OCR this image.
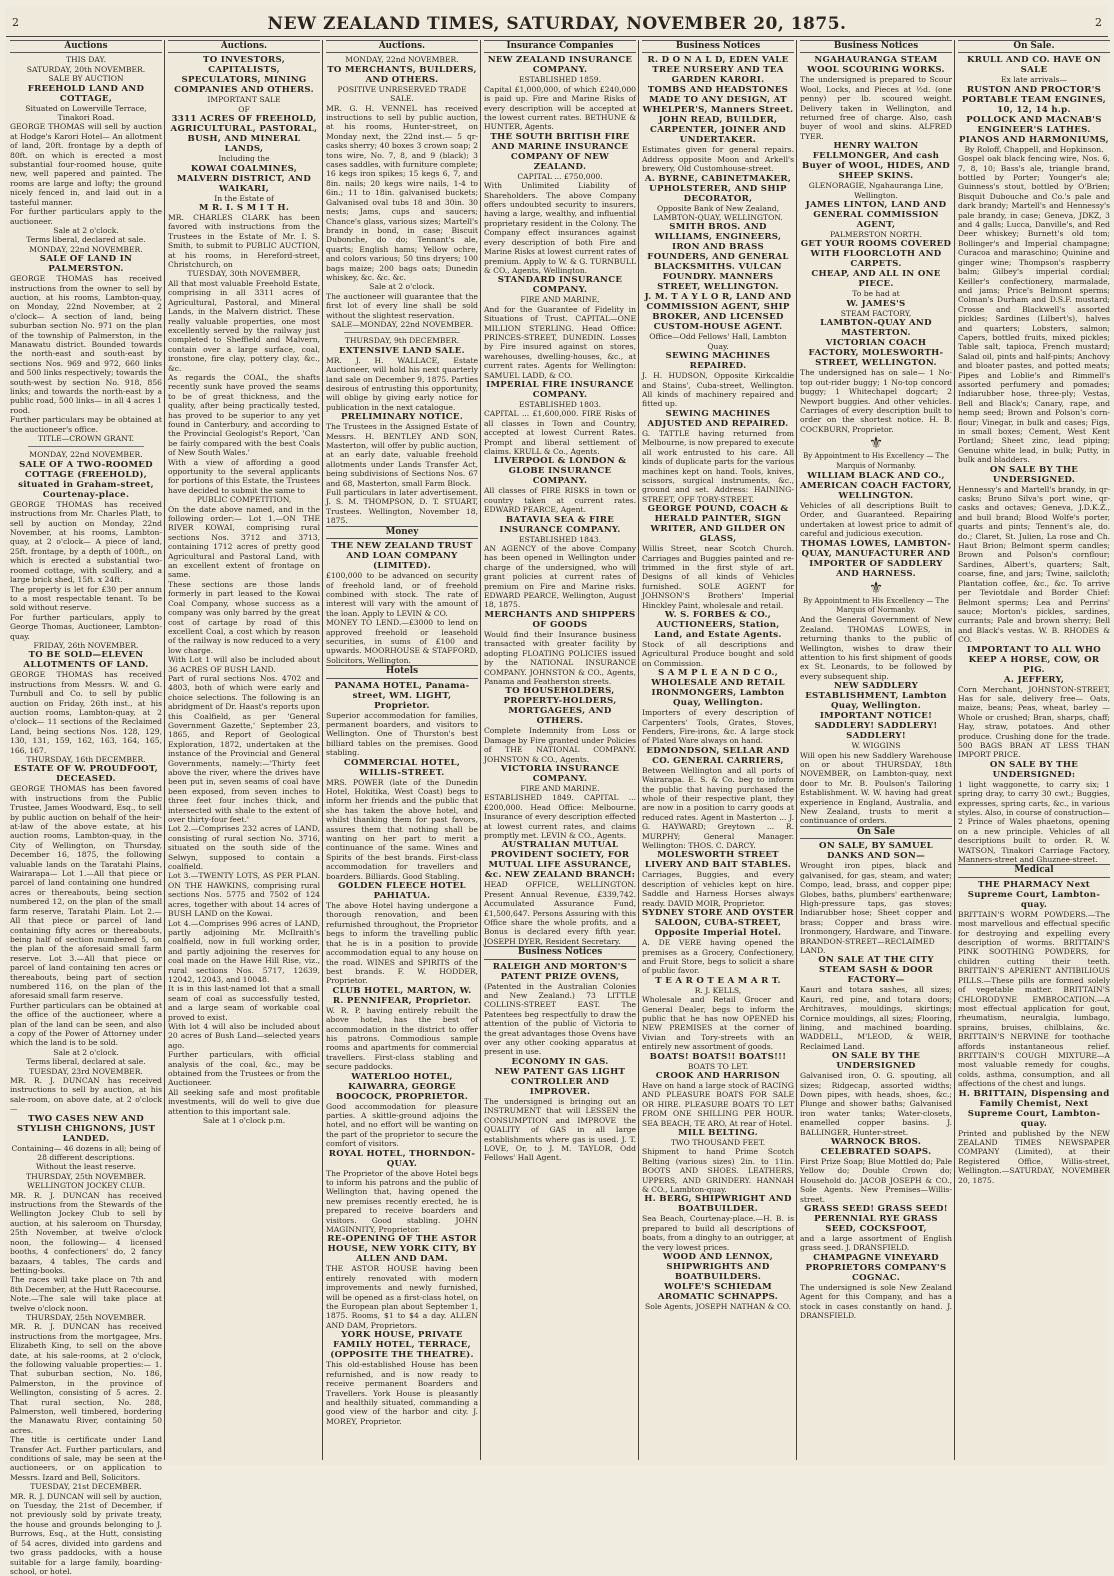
2	NEW ZEALAND TIMES, SATURDAY, NOVEMBER 20, 1875.	2
Auctions
THIS DAY.
SATURDAY, 20th NOVEMBER.
SALE BY AUCTION
FREEHOLD LAND AND COTTAGE,
Situated on Lowerville Terrace, Tinakori Road.
GEORGE THOMAS will sell by auction at Hodge's Karori Hotel— An allotment of land, 20ft. frontage by a depth of 80ft. on which is erected a most substantial four-roomed house, quite new, well papered and painted. The rooms are large and lofty; the ground nicely fenced in, and laid out in a tasteful manner.
For further particulars apply to the auctioneer.
Sale at 2 o'clock.
Terms liberal, declared at sale.
MONDAY, 22nd NOVEMBER.
SALE OF LAND IN PALMERSTON.
GEORGE THOMAS has received instructions from the owner to sell by auction, at his rooms, Lambton-quay, on Monday, 22nd November, at 2 o'clock— A section of land, being suburban section No. 971 on the plan of the township of Palmerston, in the Manawatu district. Bounded towards the north-east and south-east by sections Nos. 969 and 972, 660 links and 500 links respectively; towards the south-west by section No. 918, 856 links; and towards the north-east by a public road, 500 links— in all 4 acres 1 rood.
Further particulars may be obtained at the auctioneer's office.
TITLE—CROWN GRANT.
MONDAY, 22nd NOVEMBER.
SALE OF A TWO-ROOMED COTTAGE (FREEHOLD), situated in Graham-street, Courtenay-place.
GEORGE THOMAS has received instructions from Mr. Charles Platt, to sell by auction on Monday, 22nd November, at his rooms, Lambton-quay, at 2 o'clock— A piece of land, 25ft. frontage, by a depth of 100ft., on which is erected a substantial two-roomed cottage, with scullery, and a large brick shed, 15ft. x 24ft.
The property is let for £30 per annum to a most respectable tenant. To be sold without reserve.
For further particulars, apply to George Thomas, Auctioneer, Lambton-quay.
FRIDAY, 26th NOVEMBER.
TO BE SOLD—ELEVEN ALLOTMENTS OF LAND.
GEORGE THOMAS has received instructions from Messrs. W. and G. Turnbull and Co. to sell by public auction on Friday, 26th inst., at his auction rooms, Lambton-quay, at 2 o'clock— 11 sections of the Reclaimed Land, being sections Nos. 128, 129, 130, 131, 159, 162, 163, 164, 165, 166, 167.
THURSDAY, 16th DECEMBER.
ESTATE OF W. PROUDFOOT, DECEASED.
GEORGE THOMAS has been favored with instructions from the Public Trustee, James Woodward, Esq., to sell by public auction on behalf of the heir-at-law of the above estate, at his auction rooms, Lambton-quay, in the City of Wellington, on Thursday, December 16, 1875, the following valuable lands on the Taratahi Plains, Wairarapa— Lot 1.—All that piece or parcel of land containing one hundred acres or thereabouts, being section numbered 12, on the plan of the small farm reserve, Taratahi Plain. Lot 2.—All that piece or parcel of land containing fifty acres or thereabouts, being half of section numbered 5, on the plan of the aforesaid small farm reserve. Lot 3.—All that piece or parcel of land containing ten acres or thereabouts, being part of section numbered 116, on the plan of the aforesaid small farm reserve.
Further particulars can be obtained at the office of the auctioneer, where a plan of the land can be seen, and also a copy of the Power of Attorney under which the land is to be sold.
Sale at 2 o'clock.
Terms liberal, declared at sale.
TUESDAY, 23rd NOVEMBER.
MR. R. J. DUNCAN has received instructions to sell by auction, at his sale-room, on above date, at 2 o'clock—
TWO CASES NEW AND STYLISH CHIGNONS, JUST LANDED.
Containing— 46 dozens in all; being of 28 different descriptions.
Without the least reserve.
THURSDAY, 25th NOVEMBER.
WELLINGTON JOCKEY CLUB.
MR. R. J. DUNCAN has received instructions from the Stewards of the Wellington Jockey Club to sell by auction, at his saleroom on Thursday, 25th November, at twelve o'clock noon, the following— 4 licensed booths, 4 confectioners' do, 2 fancy bazaars, 4 tables, The cards and betting-books.
The races will take place on 7th and 8th December, at the Hutt Racecourse.
Note.—The sale will take place at twelve o'clock noon.
THURSDAY, 25th NOVEMBER.
MR. R. J. DUNCAN has received instructions from the mortgagee, Mrs. Elizabeth King, to sell on the above date, at his sale-rooms, at 2 o'clock, the following valuable properties:— 1. That suburban section, No. 186, Palmerston, in the province of Wellington, consisting of 5 acres. 2. That rural section, No. 288, Palmerston, well timbered, bordering the Manawatu River, containing 50 acres.
The title is certificate under Land Transfer Act. Further particulars, and conditions of sale, may be seen at the auctioneers, or on application to Messrs. Izard and Bell, Solicitors.
TUESDAY, 21st DECEMBER.
MR. R. J. DUNCAN will sell by auction, on Tuesday, the 21st of December, if not previously sold by private treaty, the house and grounds belonging to J. Burrows, Esq., at the Hutt, consisting of 54 acres, divided into gardens and two grass paddocks, with a house suitable for a large family, boarding-school, or hotel.
Auctions.
TO INVESTORS, CAPITALISTS, SPECULATORS, MINING COMPANIES AND OTHERS.
IMPORTANT SALE
OF
3311 ACRES OF FREEHOLD, AGRICULTURAL, PASTORAL, BUSH, AND MINERAL LANDS,
Including the
KOWAI COALMINES, MALVERN DISTRICT, AND WAIKARI,
In the Estate of
M R. I. S M I T H.
MR. CHARLES CLARK has been favored with instructions from the Trustees in the Estate of Mr. I. S. Smith, to submit to PUBLIC AUCTION, at his rooms, in Hereford-street, Christchurch, on
TUESDAY, 30th NOVEMBER,
All that most valuable Freehold Estate, comprising in all 3311 acres of Agricultural, Pastoral, and Mineral Lands, in the Malvern district. These really valuable properties, one most excellently served by the railway just completed to Sheffield and Malvern, contain over a large surface, coal, ironstone, fire clay, pottery clay, &c., &c.
As regards the COAL, the shafts recently sunk have proved the seams to be of great thickness, and the quality, after being practically tested, has proved to be superior to any yet found in Canterbury, and according to the Provincial Geologist's Report, 'Can be fairly compared with the best Coals of New South Wales.'
With a view of affording a good opportunity to the several applicants for portions of this Estate, the Trustees have decided to submit the same to
PUBLIC COMPETITION,
On the date above named, and in the following order:— Lot 1.—ON THE RIVER KOWAI, comprising rural sections Nos. 3712 and 3713, containing 1712 acres of pretty good Agricultural and Pastoral Land, with an excellent extent of frontage on same.
These sections are those lands formerly in part leased to the Kowai Coal Company, whose success as a company was only barred by the great cost of cartage by road of this excellent Coal, a cost which by reason of the railway is now reduced to a very low charge.
With Lot 1 will also be included about 36 ACRES OF BUSH LAND.
Part of rural sections Nos. 4702 and 4803, both of which were early and choice selections. The following is an abridgment of Dr. Haast's reports upon this Coalfield, as per 'General Government Gazette,' September 23, 1865, and Report of Geological Exploration, 1872, undertaken at the instance of the Provincial and General Governments, namely:—'Thirty feet above the river, where the drives have been put in, seven seams of coal have been exposed, from seven inches to three feet four inches thick, and intersected with shale to the extent of over thirty-four feet.'
Lot 2.—Comprises 232 acres of LAND, consisting of rural section No. 3716, situated on the south side of the Selwyn, supposed to contain a coalfield.
Lot 3.—TWENTY LOTS, AS PER PLAN. ON THE HAWKINS, comprising rural sections Nos. 5775 and 7502 of 124 acres, together with about 14 acres of BUSH LAND on the Kowai.
Lot 4.—Comprises 996 acres of LAND, partly adjoining Mr. McIlraith's coalfield, now in full working order, and partly adjoining the reserves for coal made on the Hawe Hill Rise, viz., rural sections Nos. 5717, 12639, 12042, 12043, and 10048.
It is in this last-named lot that a small seam of coal as successfully tested, and a large seam of workable coal proved to exist.
With lot 4 will also be included about 20 acres of Bush Land—selected years ago.
Further particulars, with official analysis of the coal, &c., may be obtained from the Trustees or from the Auctioneer.
All seeking safe and most profitable investments, will do well to give due attention to this important sale.
Sale at 1 o'clock p.m.
Auctions.
MONDAY, 22nd NOVEMBER.
TO MERCHANTS, BUILDERS, AND OTHERS.
POSITIVE UNRESERVED TRADE SALE.
MR. G. H. VENNEL has received instructions to sell by public auction, at his rooms, Hunter-street, on Monday next, the 22nd inst.— 5 qr-casks sherry; 40 boxes 3 crown soap; 2 tons wire, No. 7, 8, and 9 (black); 3 cases saddles, with furniture complete; 16 kegs iron spikes; 15 kegs 6, 7, and 8in. nails; 20 kegs wire nails, 1-4 to 6in.; 11 to 18in. galvanised buckets; Galvanised oval tubs 18 and 30in. 30 nests; Jams, cups and saucers; Chance's glass, various sizes; Martell's brandy in bond, in case; Biscuit Dubonche, do do; Tennant's ale, quarts; English hams; Yellow ochre, and colors various; 50 tins dryers; 100 bags maize; 200 bags oats; Dunedin whiskey, &c. &c. &c.
Sale at 2 o'clock.
The auctioneer will guarantee that the first lot of every line shall be sold without the slightest reservation.
SALE—MONDAY, 22nd NOVEMBER.
THURSDAY, 9th DECEMBER.
EXTENSIVE LAND SALE.
MR. J. H. WALLACE, Estate Auctioneer, will hold his next quarterly land sale on December 9, 1875. Parties desirous of entrusting this opportunity, will oblige by giving early notice for publication in the next catalogue.
PRELIMINARY NOTICE.
The Trustees in the Assigned Estate of Messrs. H. BENTLEY AND SON, Masterton, will offer by public auction, at an early date, valuable freehold allotments under Lands Transfer Act, being subdivisions of Sections Nos. 67 and 68, Masterton, small Farm Block.
Full particulars in later advertisement. J. S. M. THOMPSON, D. T. STUART, Trustees. Wellington, November 18, 1875.
Money
THE NEW ZEALAND TRUST AND LOAN COMPANY (LIMITED).
£100,000 to be advanced on security of freehold land, or of freehold combined with stock. The rate of interest will vary with the amount of the loan. Apply to LEVIN & CO.
MONEY TO LEND.—£3000 to lend on approved freehold or leasehold securities, in sums of £100 and upwards. MOORHOUSE & STAFFORD, Solicitors, Wellington.
Hotels
PANAMA HOTEL, Panama-street, WM. LIGHT, Proprietor.
Superior accommodation for families, permanent boarders, and visitors to Wellington. One of Thurston's best billiard tables on the premises. Good stabling.
COMMERCIAL HOTEL, WILLIS-STREET.
MRS. POWER (late of the Dunedin Hotel, Hokitika, West Coast) begs to inform her friends and the public that she has taken the above hotel, and whilst thanking them for past favors, assures them that nothing shall be wanting on her part to merit a continuance of the same. Wines and Spirits of the best brands. First-class accommodation for travellers and boarders. Billiards. Good Stabling.
GOLDEN FLEECE HOTEL PAHIATUA.
The above Hotel having undergone a thorough renovation, and been refurnished throughout, the Proprietor begs to inform the travelling public that he is in a position to provide accommodation equal to any house on the road. WINES and SPIRITS of the best brands. F. W. HODDER, Proprietor.
CLUB HOTEL, MARTON, W. R. PENNIFEAR, Proprietor.
W. R. P. having entirely rebuilt the above hotel, has the best of accommodation in the district to offer his patrons. Commodious sample rooms and apartments for commercial travellers. First-class stabling and secure paddocks.
WATERLOO HOTEL, KAIWARRA, GEORGE BOOCOCK, PROPRIETOR.
Good accommodation for pleasure parties. A skittle-ground adjoins the hotel, and no effort will be wanting on the part of the proprietor to secure the comfort of visitors.
ROYAL HOTEL, THORNDON-QUAY.
The Proprietor of the above Hotel begs to inform his patrons and the public of Wellington that, having opened the new premises recently erected, he is prepared to receive boarders and visitors. Good stabling. JOHN MAGINNITY, Proprietor.
RE-OPENING OF THE ASTOR HOUSE, NEW YORK CITY, BY ALLEN AND DAM.
THE ASTOR HOUSE having been entirely renovated with modern improvements and newly furnished, will be opened as a first-class hotel, on the European plan about September 1, 1875. Rooms, $1 to $4 a day. ALLEN AND DAM, Proprietors.
YORK HOUSE, PRIVATE FAMILY HOTEL, TERRACE, (OPPOSITE THE THEATRE).
This old-established House has been refurnished, and is now ready to receive permanent Boarders and Travellers. York House is pleasantly and healthily situated, commanding a good view of the harbor and city. J. MOREY, Proprietor.
Insurance Companies
NEW ZEALAND INSURANCE COMPANY.
ESTABLISHED 1859.
Capital £1,000,000, of which £240,000 is paid up. Fire and Marine Risks of every description will be accepted at the lowest current rates. BETHUNE & HUNTER, Agents.
THE SOUTH BRITISH FIRE AND MARINE INSURANCE COMPANY OF NEW ZEALAND.
CAPITAL ... £750,000.
With Unlimited Liability of Shareholders. The above Company offers undoubted security to insurers, having a large, wealthy, and influential proprietary resident in the Colony. The Company effect insurances against every description of both Fire and Marine Risks at lowest current rates of premium. Apply to W. & G. TURNBULL & CO., Agents, Wellington.
STANDARD INSURANCE COMPANY.
FIRE AND MARINE,
And for the Guarantee of Fidelity in Situations of Trust. CAPITAL—ONE MILLION STERLING. Head Office: PRINCES-STREET, DUNEDIN. Losses by Fire insured against on stores, warehouses, dwelling-houses, &c., at current rates. Agents for Wellington: SAMUEL LADD, & CO.
IMPERIAL FIRE INSURANCE COMPANY.
ESTABLISHED 1803.
CAPITAL ... £1,600,000. FIRE Risks of all classes in Town and Country, accepted at lowest Current Rates. Prompt and liberal settlement of claims. KRULL & Co., Agents.
LIVERPOOL & LONDON & GLOBE INSURANCE COMPANY.
All classes of FIRE RISKS in town or country taken at current rates. EDWARD PEARCE, Agent.
BATAVIA SEA & FIRE INSURANCE COMPANY.
ESTABLISHED 1843.
AN AGENCY of the above Company has been opened in Wellington under charge of the undersigned, who will grant policies at current rates of premium on Fire and Marine risks. EDWARD PEARCE, Wellington, August 18, 1875.
MERCHANTS AND SHIPPERS OF GOODS
Would find their Insurance business transacted with greater facility by adopting FLOATING POLICIES issued by the NATIONAL INSURANCE COMPANY. JOHNSTON & CO., Agents, Panama and Featherston streets.
TO HOUSEHOLDERS, PROPERTY-HOLDERS, MORTGAGEES, AND OTHERS.
Complete Indemnity from Loss or Damage by Fire granted under Policies of THE NATIONAL COMPANY. JOHNSTON & CO., Agents.
VICTORIA INSURANCE COMPANY.
FIRE AND MARINE.
ESTABLISHED 1849. CAPITAL ... £200,000. Head Office: Melbourne. Insurance of every description effected at lowest current rates, and claims promptly met. LEVIN & CO., Agents.
AUSTRALIAN MUTUAL PROVIDENT SOCIETY, FOR MUTUAL LIFE ASSURANCE, &c. NEW ZEALAND BRANCH:
HEAD OFFICE, WELLINGTON. Present Annual Revenue, £339,742. Accumulated Assurance Fund, £1,500,647. Persons Assuring with this Office share the whole profits, and a Bonus is declared every fifth year. JOSEPH DYER, Resident Secretary.
Business Notices
RALEIGH AND MORTON'S PATENT PRIZE OVENS,
(Patented in the Australian Colonies and New Zealand.) 73 LITTLE COLLINS-STREET EAST. The Patentees beg respectfully to draw the attention of the public of Victoria to the great advantages those Ovens have over any other cooking apparatus at present in use.
ECONOMY IN GAS.
NEW PATENT GAS LIGHT CONTROLLER AND IMPROVER.
The undersigned is bringing out an INSTRUMENT that will LESSEN the CONSUMPTION and IMPROVE the QUALITY of GAS in all large establishments where gas is used. J. T. LOVE, Or, to J. M. TAYLOR, Odd Fellows' Hall Agent.
Business Notices
R. D O N A L D, EDEN VALE TREE NURSERY AND TEA GARDEN KARORI.
TOMBS AND HEADSTONES MADE TO ANY DESIGN, AT WHELPER'S, Manners Street.
JOHN READ, BUILDER, CARPENTER, JOINER AND UNDERTAKER.
Estimates given for general repairs. Address opposite Moon and Arkell's brewery, Old Customhouse-street.
A. BYRNE, CABINETMAKER, UPHOLSTERER, AND SHIP DECORATOR,
Opposite Bank of New Zealand, LAMBTON-QUAY, WELLINGTON.
SMITH BROS. AND WILLIAMS, ENGINEERS, IRON AND BRASS FOUNDERS, AND GENERAL BLACKSMITHS. VULCAN FOUNDRY. MANNERS STREET, WELLINGTON.
J. M. T A Y L O R, LAND AND COMMISSION AGENT, SHIP BROKER, AND LICENSED CUSTOM-HOUSE AGENT.
Office—Odd Fellows' Hall, Lambton Quay.
SEWING MACHINES REPAIRED.
J. H. HUDSON, Opposite Kirkcaldie and Stains', Cuba-street, Wellington. All kinds of machinery repaired and fitted up.
SEWING MACHINES ADJUSTED AND REPAIRED.
G. TATTLE having returned from Melbourne, is now prepared to execute all work entrusted to his care. All kinds of duplicate parts for the various machines kept on hand. Tools, knives, scissors, surgical instruments, &c., ground and set. Address: HAINING-STREET, OFF TORY-STREET.
GEORGE POUND, COACH & HERALD PAINTER, SIGN WRITER, AND GILDER ON GLASS,
Willis Street, near Scotch Church. Carriages and Buggies painted and re-trimmed in the first style of art. Designs of all kinds of Vehicles furnished. SOLE AGENT for JOHNSON'S Brothers' Imperial Hinckley Paint, wholesale and retail.
W. S. FORBES & CO., AUCTIONEERS, Station, Land, and Estate Agents.
Stock of all descriptions and Agricultural Produce bought and sold on Commission.
S A M P L E A N D C O., WHOLESALE AND RETAIL IRONMONGERS, Lambton Quay, Wellington.
Importers of every description of Carpenters' Tools, Grates, Stoves, Fenders, Fire-irons, &c. A large stock of Plated Ware always on hand.
EDMONDSON, SELLAR AND CO. GENERAL CARRIERS,
Between Wellington and all ports of Wairarapa. E. S. & Co. beg to inform the public that having purchased the whole of their respective plant, they are now in a position to carry goods at reduced rates. Agent in Masterton ... J. G. HAYWARD; Greytown ... R. MURPHY; General Manager. Wellington: THOS. C. DARCY.
MOLESWORTH STREET LIVERY AND BAIT STABLES.
Carriages, Buggies, and every description of vehicles kept on hire. Saddle and Harness Horses always ready. DAVID MOIR, Proprietor.
SYDNEY STORE AND OYSTER SALOON, CUBA-STREET, Opposite Imperial Hotel.
A. DE VERE having opened the premises as a Grocery, Confectionery, and Fruit Store, begs to solicit a share of public favor.
T E A R O T E A M A R T.
R. J. KELLS,
Wholesale and Retail Grocer and General Dealer, begs to inform the public that he has now OPENED his NEW PREMISES at the corner of Vivian and Tory-streets with an entirely new assortment of goods.
BOATS! BOATS!! BOATS!!!
BOATS TO LET.
CROOK AND HARRISON
Have on hand a large stock of RACING AND PLEASURE BOATS FOR SALE OR HIRE. PLEASURE BOATS TO LET FROM ONE SHILLING PER HOUR. SEA BEACH, TE ARO, At rear of Hotel.
MILL BELTING.
TWO THOUSAND FEET.
Shipment to hand Prime Scotch Belting (various sizes) 2in. to 11in. BOOTS AND SHOES. LEATHERS, UPPERS, AND GRINDERY. HANNAH & CO., Lambton-quay.
H. BERG, SHIPWRIGHT AND BOATBUILDER.
Sea Beach, Courtenay-place.—H. B. is prepared to build all descriptions of boats, from a dinghy to an outrigger, at the very lowest prices.
WOOD AND LENNOX, SHIPWRIGHTS AND BOATBUILDERS.
WOLFE'S SCHIEDAM AROMATIC SCHNAPPS.
Sole Agents, JOSEPH NATHAN & CO.
Business Notices
NGAHAURANGA STEAM WOOL SCOURING WORKS.
The undersigned is prepared to Scour Wool, Locks, and Pieces at ½d. (one penny) per lb. scoured weight. Delivery taken in Wellington, and returned free of charge. Also, cash buyer of wool and skins. ALFRED TYER.
HENRY WALTON FELLMONGER, And cash Buyer of WOOL, HIDES, AND SHEEP SKINS.
GLENORAGIE, Ngahauranga Line, Wellington.
JAMES LINTON, LAND AND GENERAL COMMISSION AGENT,
PALMERSTON NORTH.
GET YOUR ROOMS COVERED WITH FLOORCLOTH AND CARPETS.
CHEAP, AND ALL IN ONE PIECE.
To be had at
W. JAMES'S
STEAM FACTORY,
LAMBTON-QUAY AND MASTERTON.
VICTORIAN COACH FACTORY, MOLESWORTH-STREET, WELLINGTON.
The undersigned has on sale— 1 No-top out-rider buggy; 1 No-top concord buggy; 1 Whitechapel dogcart; 2 Newport buggies. And other vehicles. Carriages of every description built to order on the shortest notice. H. B. COCKBURN, Proprietor.
⚜
By Appointment to His Excellency — The Marquis of Normanby.
WILLIAM BLACK AND CO., AMERICAN COACH FACTORY, WELLINGTON.
Vehicles of all descriptions Built to Order, and Guaranteed. Repairing undertaken at lowest price to admit of careful and judicious execution.
THOMAS LOWES, LAMBTON-QUAY, MANUFACTURER AND IMPORTER OF SADDLERY AND HARNESS.
⚜
By Appointment to His Excellency — The Marquis of Normanby.
And the General Government of New Zealand. THOMAS LOWES, in returning thanks to the public of Wellington, wishes to draw their attention to his first shipment of goods ex St. Leonards, to be followed by every subsequent ship.
NEW SADDLERY ESTABLISHMENT, Lambton Quay, Wellington.
IMPORTANT NOTICE!
SADDLERY! SADDLERY! SADDLERY!
W. WIGGINS
Will open his new Saddlery Warehouse on or about THURSDAY, 18th NOVEMBER, on Lambton-quay, next door to Mr. B. Poulson's Tailoring Establishment. W. W. having had great experience in England, Australia, and New Zealand, trusts to merit a continuance of orders.
On Sale
ON SALE, BY SAMUEL DANKS AND SON—
Wrought iron pipes, black and galvanised, for gas, steam, and water; Compo, lead, brass, and copper pipe; Globes, baths, plumbers' earthenware; High-pressure taps, gas stoves; Indiarubber hose; Sheet copper and brass; Copper and brass wire. Ironmongery, Hardware, and Tinware. BRANDON-STREET—RECLAIMED LAND.
ON SALE AT THE CITY STEAM SASH & DOOR FACTORY—
Kauri and totara sashes, all sizes; Kauri, red pine, and totara doors; Architraves, mouldings, skirtings; Cornice mouldings, all sizes; Flooring, lining, and machined boarding. WADDELL, M'LEOD, & WEIR, Reclaimed Land.
ON SALE BY THE UNDERSIGNED
Galvanised iron, O. G. spouting, all sizes; Ridgecap, assorted widths; Down pipes, with heads, shoes, &c.; Plunge and shower baths; Galvanised iron water tanks; Water-closets, enamelled copper basins. J. BALLINGER, Hunter-street.
WARNOCK BROS. CELEBRATED SOAPS.
First Prize Soap; Blue Mottled do; Pale Yellow do; Double Crown do; Household do. JACOB JOSEPH & CO., Sole Agents. New Premises—Willis-street.
GRASS SEED! GRASS SEED! PERENNIAL RYE GRASS SEED, COCKSFOOT,
and a large assortment of English grass seed. J. DRANSFIELD.
CHAMPAGNE VINEYARD PROPRIETORS COMPANY'S COGNAC.
The undersigned is sole New Zealand Agent for this Company, and has a stock in cases constantly on hand. J. DRANSFIELD.
On Sale.
KRULL AND CO. HAVE ON SALE
Ex late arrivals—
RUSTON AND PROCTOR'S PORTABLE TEAM ENGINES, 10, 12, 14 h.p.
POLLOCK AND MACNAB'S ENGINEER'S LATHES.
PIANOS AND HARMONIUMS,
By Roloff, Chappell, and Hopkinson.
Gospel oak black fencing wire, Nos. 6, 7, 8, 10; Bass's ale, triangle brand, bottled by Porter; Younger's ale; Guinness's stout, bottled by O'Brien; Bisquit Dubouche and Co.'s pale and dark brandy; Martell's and Hennessy's pale brandy, in case; Geneva, JDKZ, 3 and 4 galls; Lucca, Danville's, and Red Deer whiskey; Burnett's old tom; Bollinger's and Imperial champagne; Curacoa and maraschino; Quinine and ginger wine; Thompson's raspberry balm; Gilbey's imperial cordial; Keiller's confectionery, marmalade, and jams; Price's Belmont sperms; Colman's Durham and D.S.F. mustard; Crosse and Blackwell's assorted pickles; Sardines (Lilbert's), halves and quarters; Lobsters, salmon; Capers, bottled fruits, mixed pickles; Table salt, tapioca, French mustard; Salad oil, pints and half-pints; Anchovy and bloater pastes, and potted meats; Pipes and Loblie's and Rimmell's assorted perfumery and pomades; Indiarubber hose, three-ply; Vestas, Bell and Black's; Canary, rape, and hemp seed; Brown and Polson's corn-flour; Vinegar, in bulk and cases; Figs, in small boxes; Cement, West Kent Portland; Sheet zinc, lead piping; Genuine white lead, in bulk; Putty, in bulk and bladders.
ON SALE BY THE UNDERSIGNED.
Hennessy's and Martell's brandy, in qr-casks; Bruno Silva's port wine, qr-casks and octaves; Geneva, J.D.K.Z., and bull brand; Blood Wolfe's porter, quarts and pints; Tennent's ale, do. do.; Claret, St. Julien, La rose and Ch. Haut Brion; Belmont sperm candles; Brown and Polson's cornflour; Sardines, Albert's, quarters; Salt, coarse, fine, and jars; Twine, sailcloth; Plantation coffee, &c., &c. To arrive per Teviotdale and Border Chief: Belmont sperms; Lea and Perrins' sauce; Morton's pickles, sardines, currants; Pale and brown sherry; Bell and Black's vestas. W. B. RHODES & CO.
IMPORTANT TO ALL WHO KEEP A HORSE, COW, OR PIG.
A. JEFFERY,
Corn Merchant, JOHNSTON-STREET, Has for sale, delivery free— Oats, maize, beans; Peas, wheat, barley — Whole or crushed; Bran, sharps, chaff; Hay, straw, potatoes. And other produce. Crushing done for the trade. 500 BAGS BRAN AT LESS THAN IMPORT PRICE.
ON SALE BY THE UNDERSIGNED:
1 light waggonette, to carry six; 1 spring dray, to carry 30 cwt.; Buggies, expresses, spring carts, &c., in various styles. Also, in course of construction— 2 Prince of Wales phaetons, opening on a new principle. Vehicles of all descriptions built to order. R. W. WATSON, Tinakori Carriage Factory, Manners-street and Ghuznee-street.
Medical
THE PHARMACY Next Supreme Court, Lambton-quay.
BRITTAIN'S WORM POWDERS.—The most marvellous and effectual specific for destroying and expelling every description of worms. BRITTAIN'S PINK SOOTHING POWDERS, for children cutting their teeth. BRITTAIN'S APERIENT ANTIBILIOUS PILLS.—These pills are formed solely of vegetable matter. BRITTAIN'S CHLORODYNE EMBROCATION.—A most effectual application for gout, rheumatism, neuralgia, lumbago, sprains, bruises, chilblains, &c. BRITTAIN'S NERVINE for toothache affords instantaneous relief. BRITTAIN'S COUGH MIXTURE—A most valuable remedy for coughs, colds, asthma, consumption, and all affections of the chest and lungs.
H. BRITTAIN, Dispensing and Family Chemist, Next Supreme Court, Lambton-quay.
Printed and published by the NEW ZEALAND TIMES NEWSPAPER COMPANY (Limited), at their Registered Office, Willis-street, Wellington.—SATURDAY, NOVEMBER 20, 1875.
